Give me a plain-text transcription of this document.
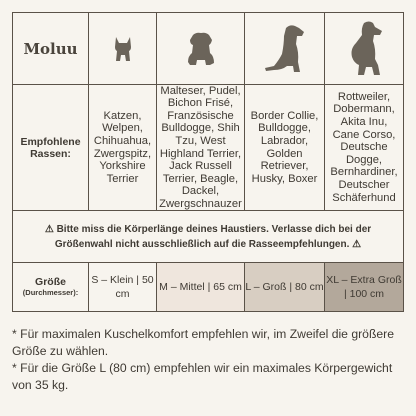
Moluu
Empfohlene Rassen:
Katzen, Welpen, Chihuahua, Zwergspitz, Yorkshire Terrier
Malteser, Pudel, Bichon Frisé, Französische Bulldogge, Shih Tzu, West Highland Terrier, Jack Russell Terrier, Beagle, Dackel, Zwergschnauzer
Border Collie, Bulldogge, Labrador, Golden Retriever, Husky, Boxer
Rottweiler, Dobermann, Akita Inu, Cane Corso, Deutsche Dogge, Bernhardiner, Deutscher Schäferhund
⚠ Bitte miss die Körperlänge deines Haustiers. Verlasse dich bei der Größenwahl nicht ausschließlich auf die Rasseempfehlungen. ⚠
Größe
(Durchmesser):
S – Klein | 50 cm
M – Mittel | 65 cm L – Groß | 80 cm
XL – Extra Groß | 100 cm
* Für maximalen Kuschelkomfort empfehlen wir, im Zweifel die größere Größe zu wählen.
* Für die Größe L (80 cm) empfehlen wir ein maximales Körpergewicht von 35 kg.
